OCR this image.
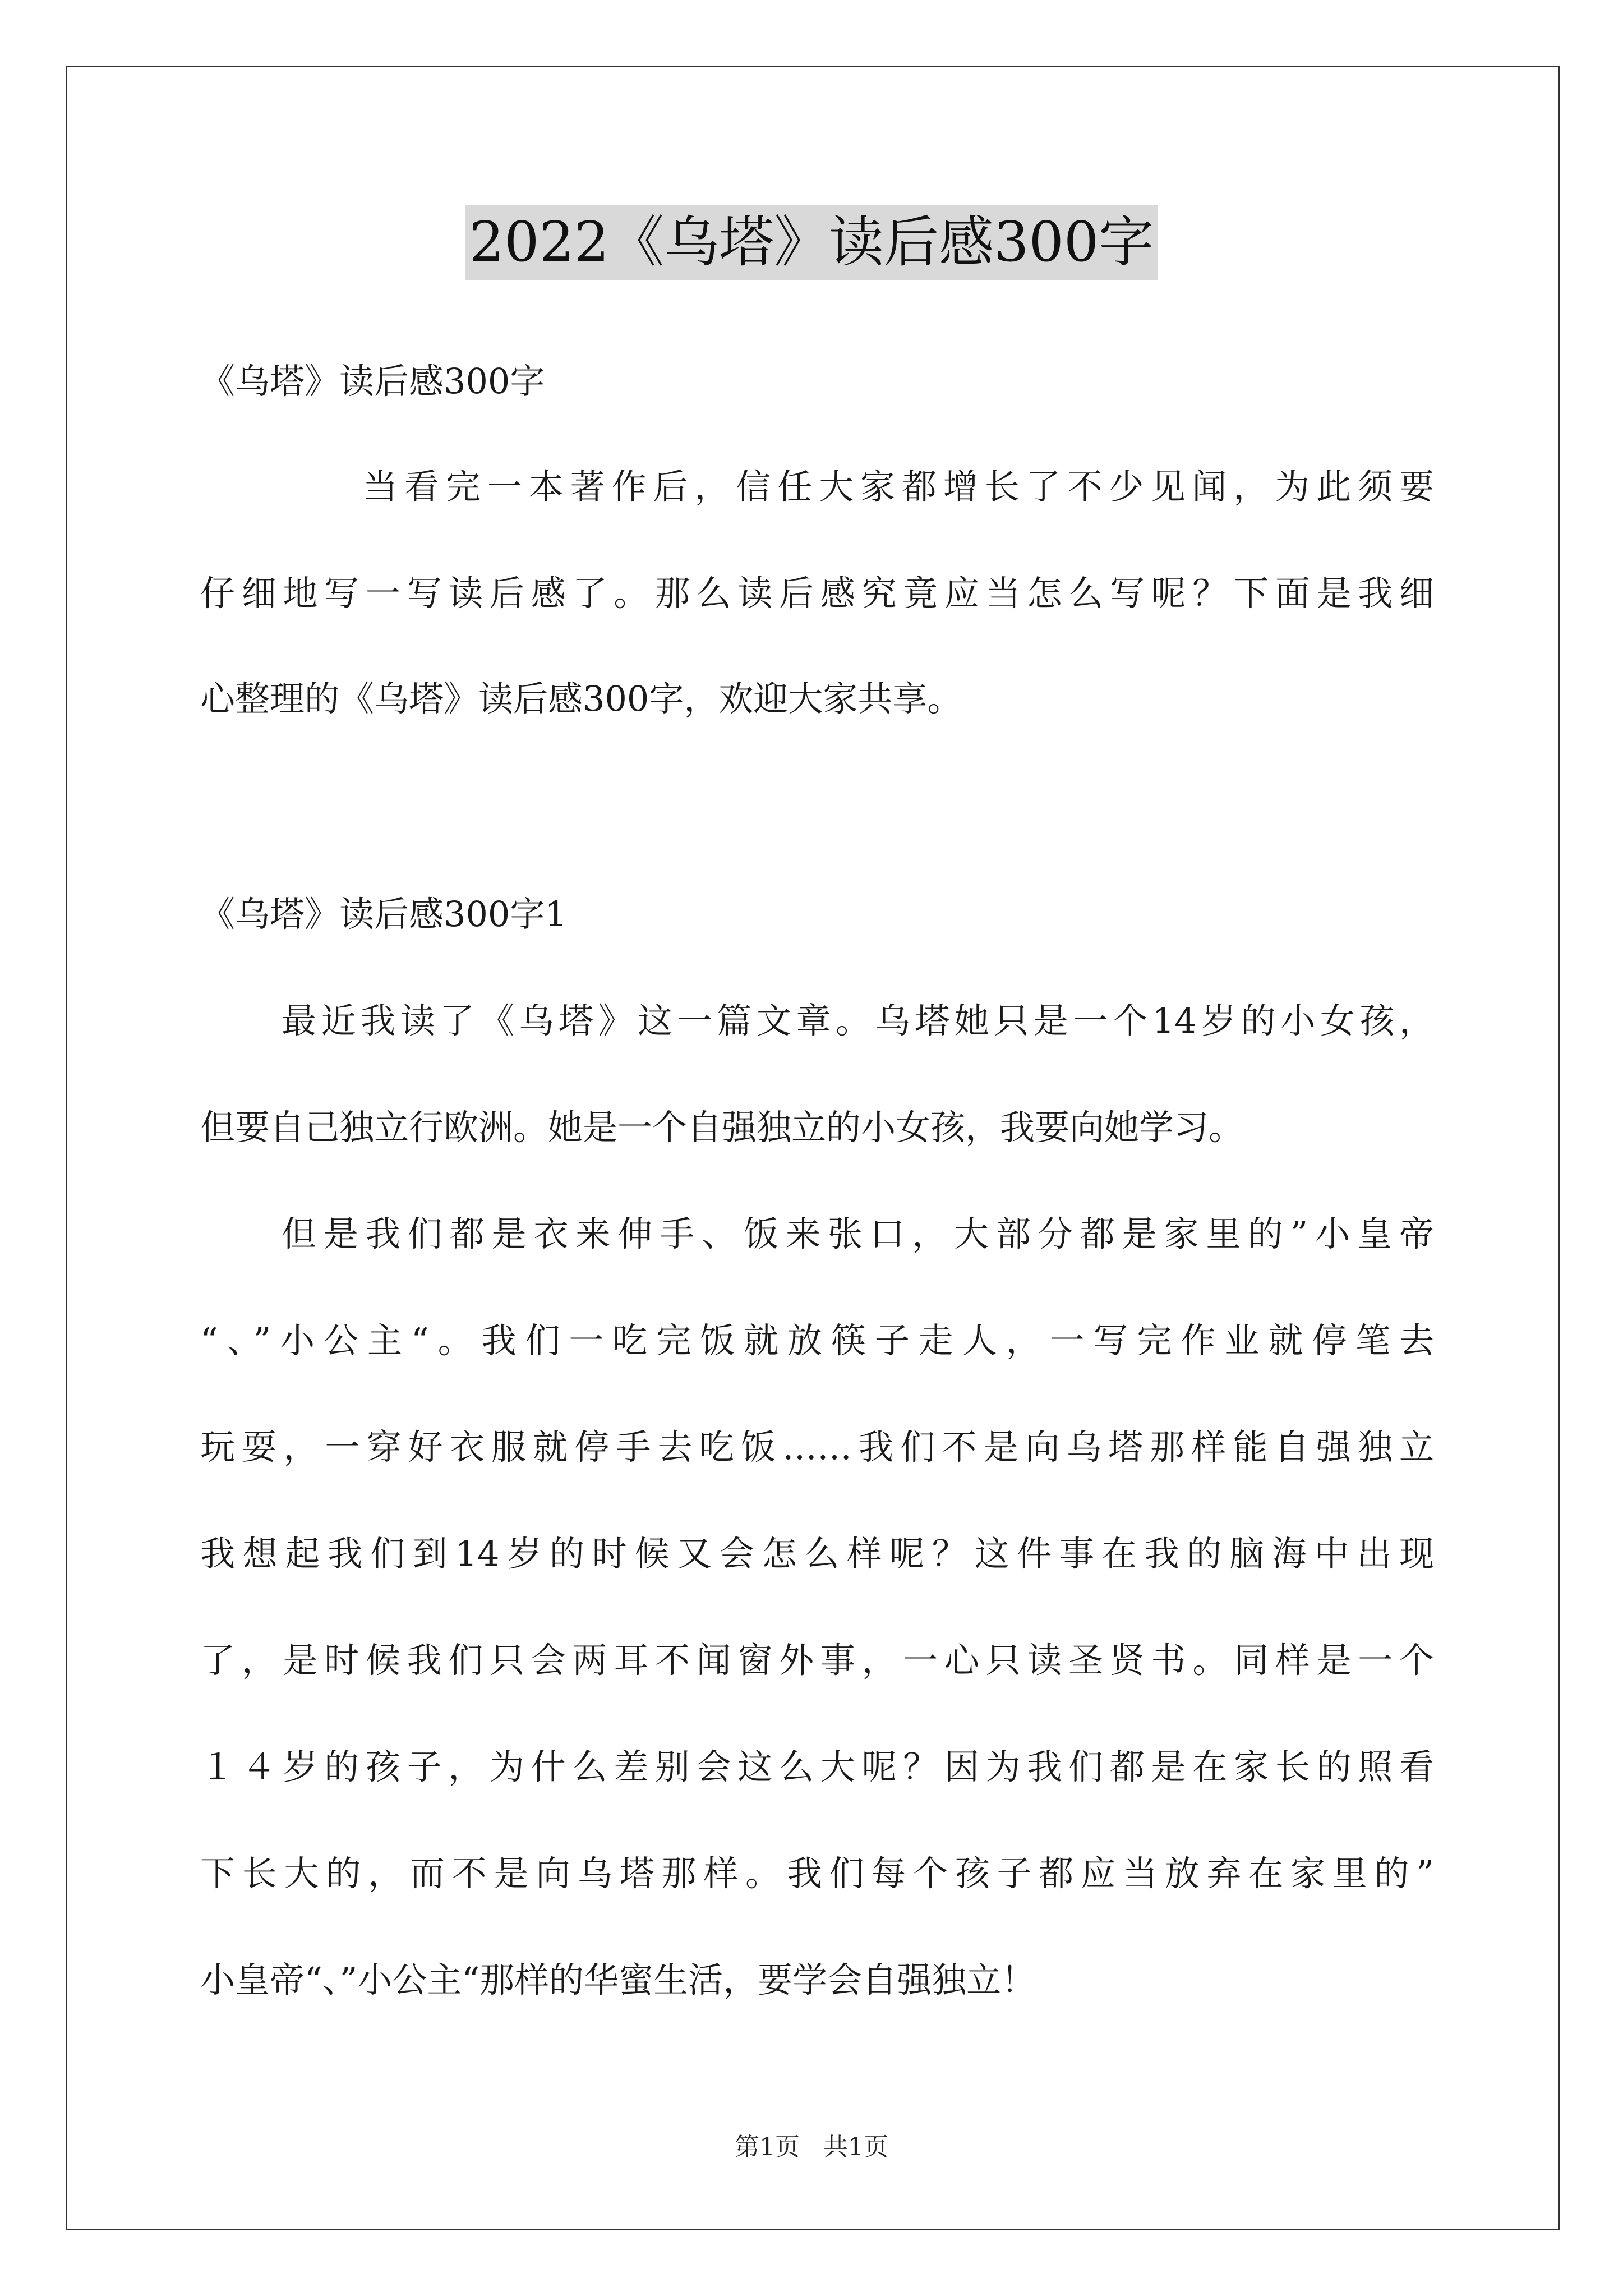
2022《乌塔》读后感300字
《乌塔》读后感300字
当看完一本著作后，信任大家都增长了不少见闻，为此须要
仔细地写一写读后感了。那么读后感究竟应当怎么写呢？下面是我细
心整理的《乌塔》读后感300字，欢迎大家共享。
《乌塔》读后感300字1
最近我读了《乌塔》这一篇文章。乌塔她只是一个14岁的小女孩，
但要自己独立行欧洲。她是一个自强独立的小女孩，我要向她学习。
但是我们都是衣来伸手、饭来张口，大部分都是家里的”小皇帝
“、”小公主“。我们一吃完饭就放筷子走人，一写完作业就停笔去
玩耍，一穿好衣服就停手去吃饭……我们不是向乌塔那样能自强独立
我想起我们到14岁的时候又会怎么样呢？这件事在我的脑海中出现
了，是时候我们只会两耳不闻窗外事，一心只读圣贤书。同样是一个
１４岁的孩子，为什么差别会这么大呢？因为我们都是在家长的照看
下长大的，而不是向乌塔那样。我们每个孩子都应当放弃在家里的”
小皇帝“、”小公主“那样的华蜜生活，要学会自强独立！
第1页 共1页
